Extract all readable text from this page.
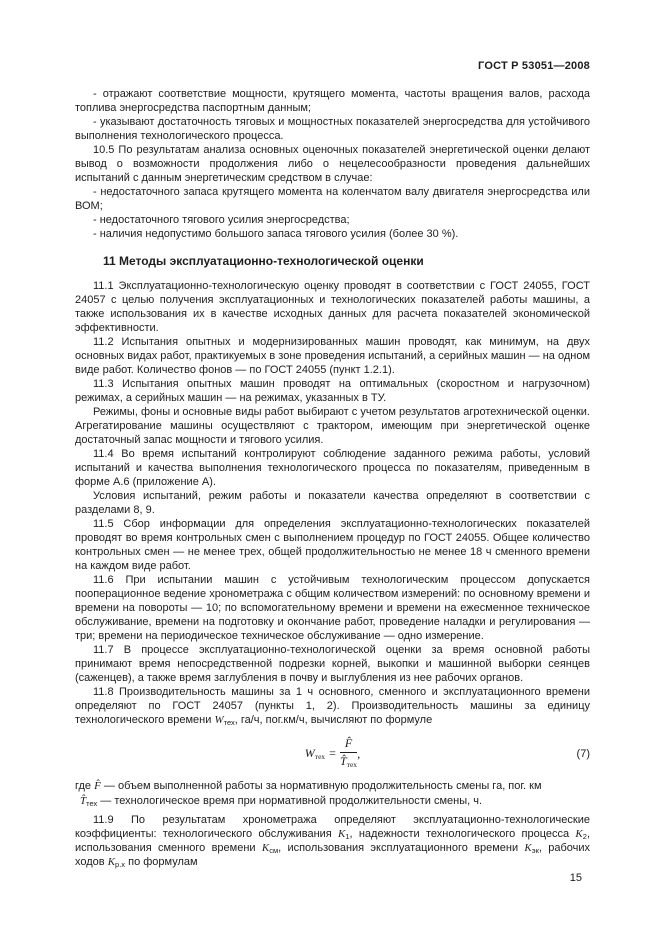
ГОСТ Р 53051—2008

- отражают соответствие мощности, крутящего момента, частоты вращения валов, расхода топлива энергосредства паспортным данным;

- указывают достаточность тяговых и мощностных показателей энергосредства для устойчивого выполнения технологического процесса.

10.5 По результатам анализа основных оценочных показателей энергетической оценки делают вывод о возможности продолжения либо о нецелесообразности проведения дальнейших испытаний с данным энергетическим средством в случае:

- недостаточного запаса крутящего момента на коленчатом валу двигателя энергосредства или ВОМ;

- недостаточного тягового усилия энергосредства;

- наличия недопустимо большого запаса тягового усилия (более 30 %).

11 Методы эксплуатационно-технологической оценки

11.1 Эксплуатационно-технологическую оценку проводят в соответствии с ГОСТ 24055, ГОСТ 24057 с целью получения эксплуатационных и технологических показателей работы машины, а также использования их в качестве исходных данных для расчета показателей экономической эффективности.

11.2 Испытания опытных и модернизированных машин проводят, как минимум, на двух основных видах работ, практикуемых в зоне проведения испытаний, а серийных машин — на одном виде работ. Количество фонов — по ГОСТ 24055 (пункт 1.2.1).

11.3 Испытания опытных машин проводят на оптимальных (скоростном и нагрузочном) режимах, а серийных машин — на режимах, указанных в ТУ.

Режимы, фоны и основные виды работ выбирают с учетом результатов агротехнической оценки. Агрегатирование машины осуществляют с трактором, имеющим при энергетической оценке достаточный запас мощности и тягового усилия.

11.4 Во время испытаний контролируют соблюдение заданного режима работы, условий испытаний и качества выполнения технологического процесса по показателям, приведенным в форме А.6 (приложение А).

Условия испытаний, режим работы и показатели качества определяют в соответствии с разделами 8, 9.

11.5 Сбор информации для определения эксплуатационно-технологических показателей проводят во время контрольных смен с выполнением процедур по ГОСТ 24055. Общее количество контрольных смен — не менее трех, общей продолжительностью не менее 18 ч сменного времени на каждом виде работ.

11.6 При испытании машин с устойчивым технологическим процессом допускается пооперационное ведение хронометража с общим количеством измерений: по основному времени и времени на повороты — 10; по вспомогательному времени и времени на ежесменное техническое обслуживание, времени на подготовку и окончание работ, проведение наладки и регулирования — три; времени на периодическое техническое обслуживание — одно измерение.

11.7 В процессе эксплуатационно-технологической оценки за время основной работы принимают время непосредственной подрезки корней, выкопки и машинной выборки сеянцев (саженцев), а также время заглубления в почву и выглубления из нее рабочих органов.

11.8 Производительность машины за 1 ч основного, сменного и эксплуатационного времени определяют по ГОСТ 24057 (пункты 1, 2). Производительность машины за единицу технологического времени $W_{тех}$, га/ч, пог.км/ч, вычисляют по формуле

$W_{тех} = \frac{F̂}{T̂_{тех}}$ ,	(7)

где F̂ — объем выполненной работы за нормативную продолжительность смены га, пог. км

$T̂_{тех}$ — технологическое время при нормативной продолжительности смены, ч.

11.9 По результатам хронометража определяют эксплуатационно-технологические коэффициенты: технологического обслуживания $K_1$, надежности технологического процесса $K_2$, использования сменного времени $K_{см}$, использования эксплуатационного времени $K_{эк}$, рабочих ходов $K_{р.х}$ по формулам

15
